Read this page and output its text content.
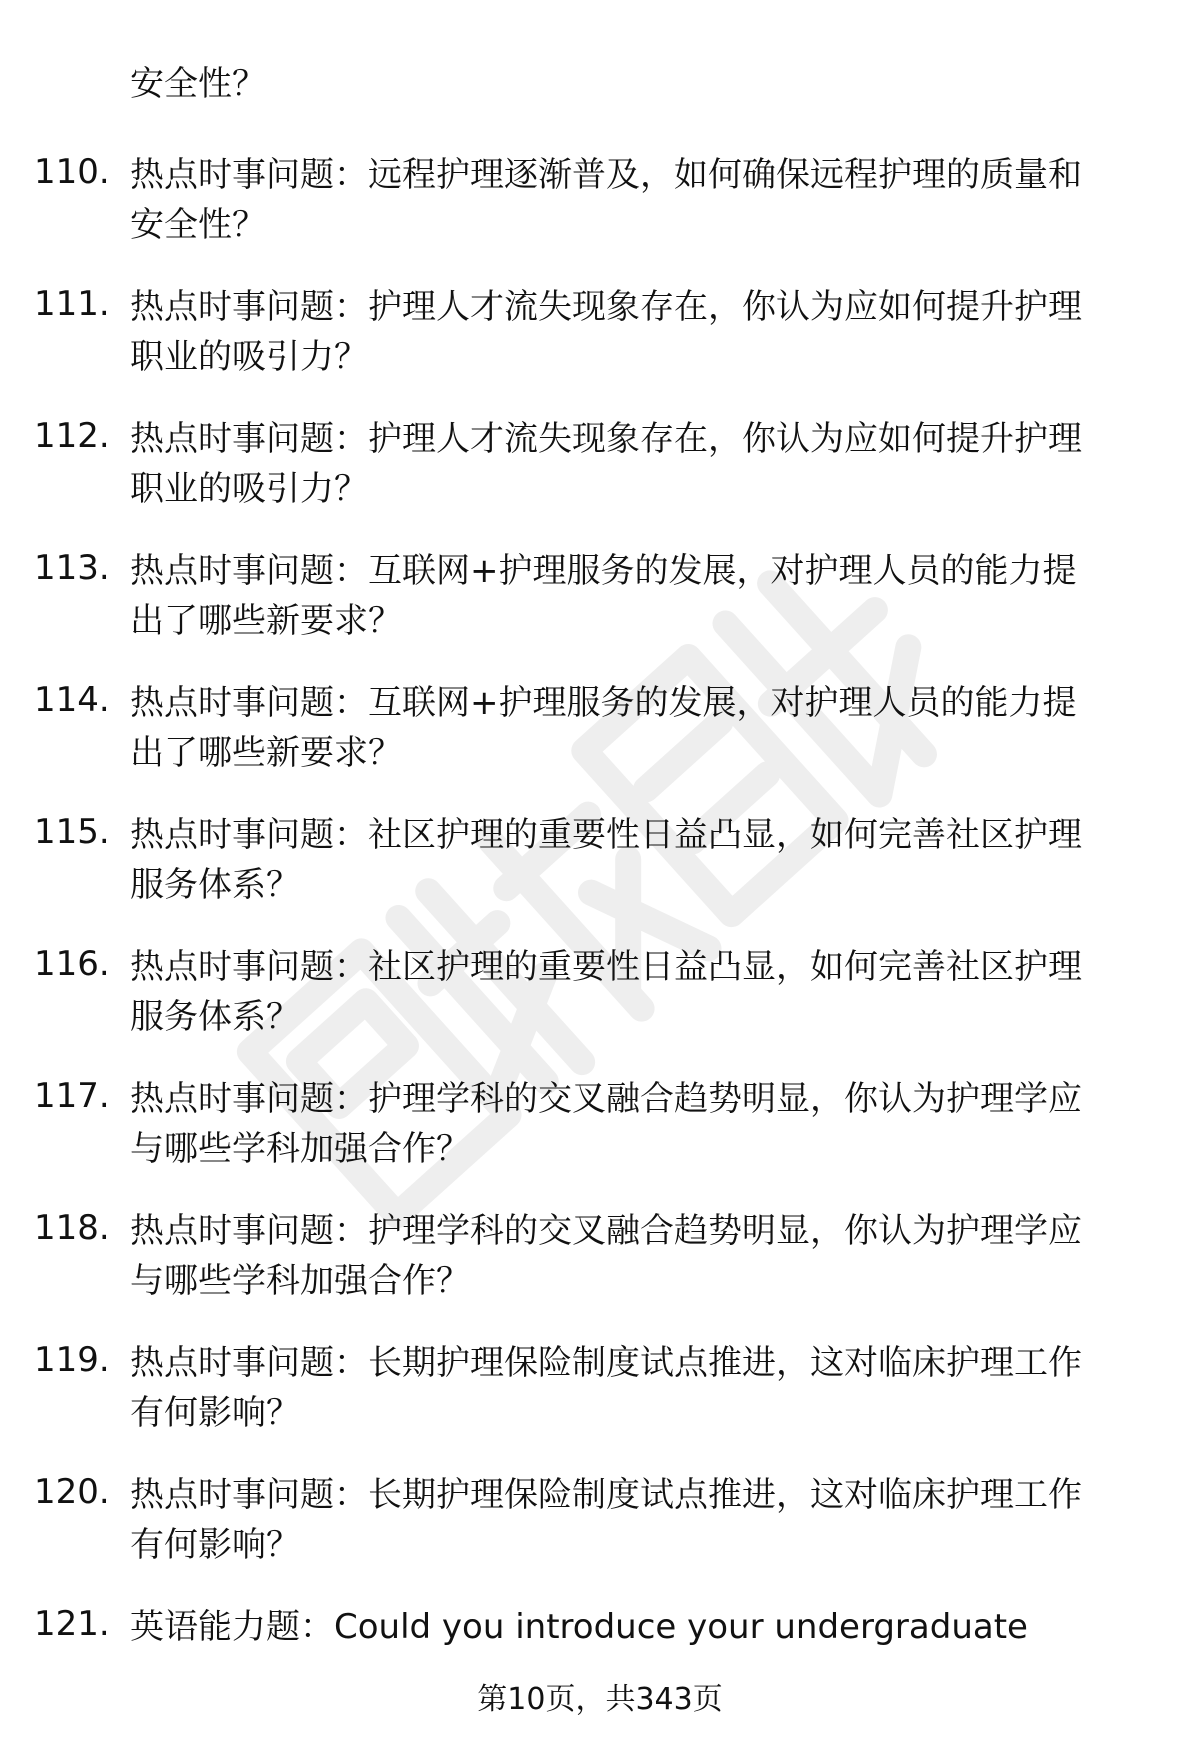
安全性？
110. 热点时事问题：远程护理逐渐普及，如何确保远程护理的质量和
安全性？
111. 热点时事问题：护理人才流失现象存在，你认为应如何提升护理
职业的吸引力？
112. 热点时事问题：护理人才流失现象存在，你认为应如何提升护理
职业的吸引力？
113. 热点时事问题：互联网+护理服务的发展，对护理人员的能力提
出了哪些新要求？
114. 热点时事问题：互联网+护理服务的发展，对护理人员的能力提
出了哪些新要求？
115. 热点时事问题：社区护理的重要性日益凸显，如何完善社区护理
服务体系？
116. 热点时事问题：社区护理的重要性日益凸显，如何完善社区护理
服务体系？
117. 热点时事问题：护理学科的交叉融合趋势明显，你认为护理学应
与哪些学科加强合作？
118. 热点时事问题：护理学科的交叉融合趋势明显，你认为护理学应
与哪些学科加强合作？
119. 热点时事问题：长期护理保险制度试点推进，这对临床护理工作
有何影响？
120. 热点时事问题：长期护理保险制度试点推进，这对临床护理工作
有何影响？
121. 英语能力题：Could you introduce your undergraduate
第10页，共343页
